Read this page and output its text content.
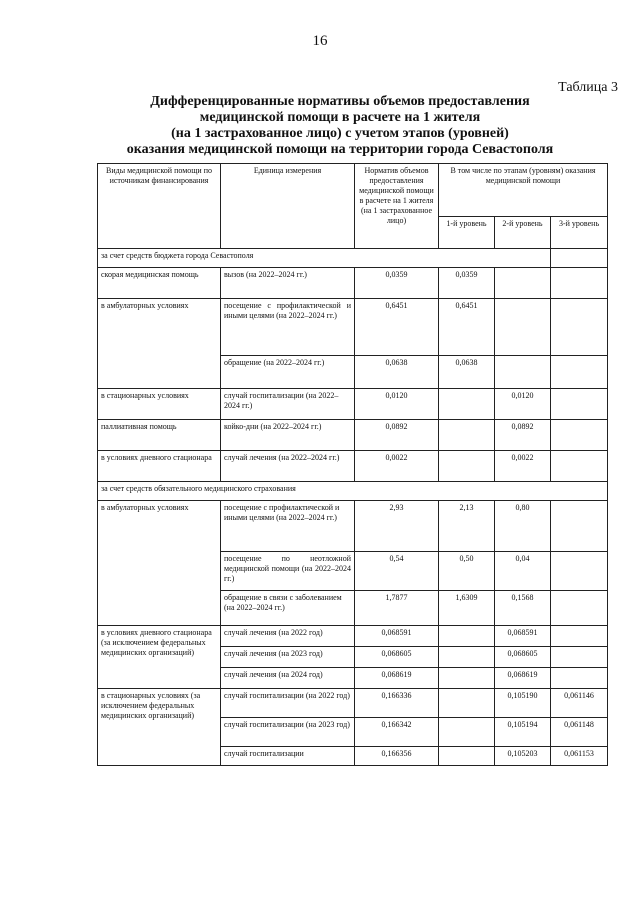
16
Таблица 3
Дифференцированные нормативы объемов предоставления
медицинской помощи в расчете на 1 жителя
(на 1 застрахованное лицо) с учетом этапов (уровней)
оказания медицинской помощи на территории города Севастополя
Виды медицинской помощи по источникам финансирования	Единица измерения	Норматив объемов предоставления медицинской помощи в расчете на 1 жителя (на 1 застрахованное лицо)	В том числе по этапам (уровням) оказания медицинской помощи		
			1-й уровень	2-й уровень	3-й уровень
за счет средств бюджета города Севастополя					
скорая медицинская помощь	вызов (на 2022–2024 гг.)	0,0359	0,0359		
в амбулаторных условиях	посещение с профилактической и иными целями (на 2022–2024 гг.)	0,6451	0,6451		
	обращение (на 2022–2024 гг.)	0,0638	0,0638		
в стационарных условиях	случай госпитализации (на 2022–2024 гг.)	0,0120		0,0120	
паллиативная помощь	койко-дни (на 2022–2024 гг.)	0,0892		0,0892	
в условиях дневного стационара	случай лечения (на 2022–2024 гг.)	0,0022		0,0022	
за счет средств обязательного медицинского страхования					
в амбулаторных условиях	посещение с профилактической и иными целями (на 2022–2024 гг.)	2,93	2,13	0,80	
	посещение по неотложной медицинской помощи (на 2022–2024 гг.)	0,54	0,50	0,04	
	обращение в связи с заболеванием (на 2022–2024 гг.)	1,7877	1,6309	0,1568	
в условиях дневного стационара (за исключением федеральных медицинских организаций)	случай лечения (на 2022 год)	0,068591		0,068591	
	случай лечения (на 2023 год)	0,068605		0,068605	
	случай лечения (на 2024 год)	0,068619		0,068619	
в стационарных условиях (за исключением федеральных медицинских организаций)	случай госпитализации (на 2022 год)	0,166336		0,105190	0,061146
	случай госпитализации (на 2023 год)	0,166342		0,105194	0,061148
	случай госпитализации	0,166356		0,105203	0,061153
